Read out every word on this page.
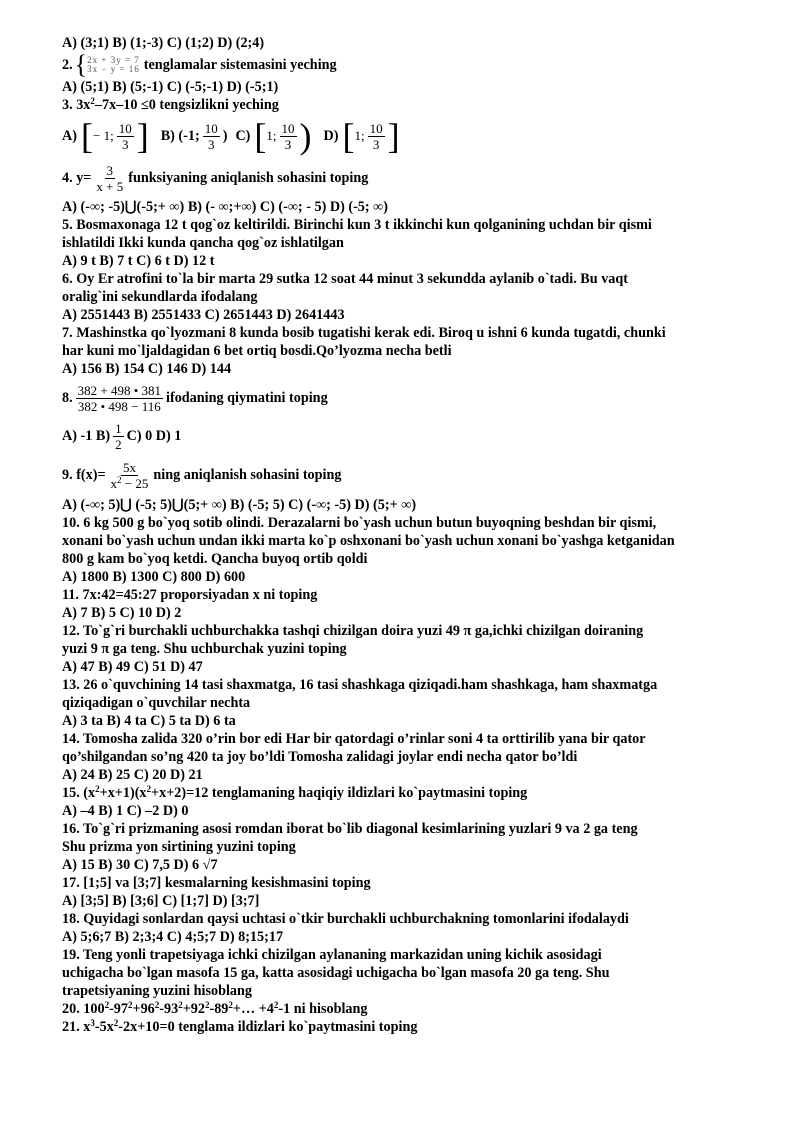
A) (3;1) B) (1;-3) C) (1;2) D) (2;4)
2. { 2x + 3y = 7
3x − y = 16 tenglamalar sistemasini yeching
A) (5;1) B) (5;-1) C) (-5;-1) D) (-5;1)
3. $3x^2-7x-10 \le 0$ tengsizlikni yeching
A) [ − 1; $\frac{10}{3}$ ] B) (-1; $\frac{10}{3}$ ) C) [ 1; $\frac{10}{3}$ ) D) [ 1; $\frac{10}{3}$ ]
4. $y= \frac{3}{x + 5}$ funksiyaning aniqlanish sohasini toping
A) (-∞; -5)⋃(-5;+ ∞) B) (- ∞;+∞) C) (-∞; - 5) D) (-5; ∞)
5. Bosmaxonaga 12 t qog`oz keltirildi. Birinchi kun 3 t ikkinchi kun qolganining uchdan bir qismi
ishlatildi Ikki kunda qancha qog`oz ishlatilgan
A) 9 t B) 7 t C) 6 t D) 12 t
6. Oy Er atrofini to`la bir marta 29 sutka 12 soat 44 minut 3 sekundda aylanib o`tadi. Bu vaqt
oralig`ini sekundlarda ifodalang
A) 2551443 B) 2551433 C) 2651443 D) 2641443
7. Mashinstka qo`lyozmani 8 kunda bosib tugatishi kerak edi. Biroq u ishni 6 kunda tugatdi, chunki
har kuni mo`ljaldagidan 6 bet ortiq bosdi.Qo’lyozma necha betli
A) 156 B) 154 C) 146 D) 144
8. $\frac{382 + 498 • 381}{382 • 498 - 116}$ ifodaning qiymatini toping
A) -1 $B) \frac{1}{2} C$) 0 D) 1
9. $f(x)= \frac{5x}{x^2 - 25}$ ning aniqlanish sohasini toping
A) (-∞; 5)⋃ (-5; 5)⋃(5;+ ∞) B) (-5; 5) C) (-∞; -5) D) (5;+ ∞)
10. 6 kg 500 g bo`yoq sotib olindi. Derazalarni bo`yash uchun butun buyoqning beshdan bir qismi,
xonani bo`yash uchun undan ikki marta ko`p oshxonani bo`yash uchun xonani bo`yashga ketganidan
800 g kam bo`yoq ketdi. Qancha buyoq ortib qoldi
A) 1800 B) 1300 C) 800 D) 600
11. 7x:42=45:27 proporsiyadan x ni toping
A) 7 B) 5 C) 10 D) 2
12. To`g`ri burchakli uchburchakka tashqi chizilgan doira yuzi 49 π ga,ichki chizilgan doiraning
yuzi 9 π ga teng. Shu uchburchak yuzini toping
A) 47 B) 49 C) 51 D) 47
13. 26 o`quvchining 14 tasi shaxmatga, 16 tasi shashkaga qiziqadi.ham shashkaga, ham shaxmatga
qiziqadigan o`quvchilar nechta
A) 3 ta B) 4 ta C) 5 ta D) 6 ta
14. Tomosha zalida 320 o’rin bor edi Har bir qatordagi o’rinlar soni 4 ta orttirilib yana bir qator
qo’shilgandan so’ng 420 ta joy bo’ldi Tomosha zalidagi joylar endi necha qator bo’ldi
A) 24 B) 25 C) 20 D) 21
15. $(x^2+x+1)(x^2+x+2)=12$ tenglamaning haqiqiy ildizlari ko`paytmasini toping
A) –4 B) 1 C) –2 D) 0
16. To`g`ri prizmaning asosi romdan iborat bo`lib diagonal kesimlarining yuzlari 9 va 2 ga teng
Shu prizma yon sirtining yuzini toping
A) 15 B) 30 C) 7,5 D) 6 √7
17. [1;5] va [3;7] kesmalarning kesishmasini toping
A) [3;5] B) [3;6] C) [1;7] D) [3;7]
18. Quyidagi sonlardan qaysi uchtasi o`tkir burchakli uchburchakning tomonlarini ifodalaydi
A) 5;6;7 B) 2;3;4 C) 4;5;7 D) 8;15;17
19. Teng yonli trapetsiyaga ichki chizilgan aylananing markazidan uning kichik asosidagi
uchigacha bo`lgan masofa 15 ga, katta asosidagi uchigacha bo`lgan masofa 20 ga teng. Shu
trapetsiyaning yuzini hisoblang
20. $100^2-97^2+96^2-93^2+92^2-89^2+\dots +4^2-1$ ni hisoblang
21. $x^3-5x^2-2x+10=0$ tenglama ildizlari ko`paytmasini toping
